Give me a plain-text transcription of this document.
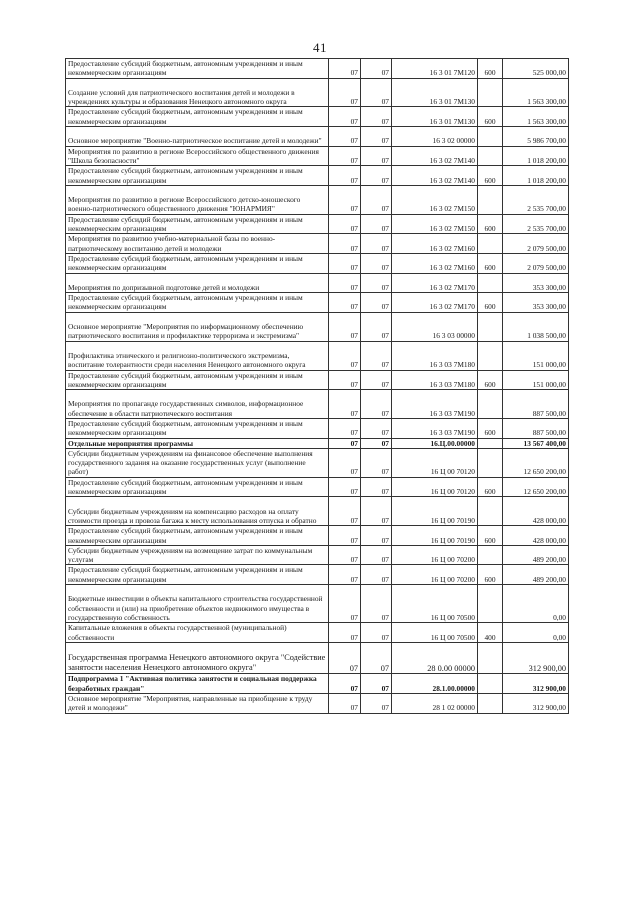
41
Предоставление субсидий бюджетным, автономным учреждениям и иным некоммерческим организациям	07	07	16 3 01 7М120	600	525 000,00
Создание условий для патриотического воспитания детей и молодежи в учреждениях культуры и образования Ненецкого автономного округа	07	07	16 3 01 7М130		1 563 300,00
Предоставление субсидий бюджетным, автономным учреждениям и иным некоммерческим организациям	07	07	16 3 01 7М130	600	1 563 300,00
Основное мероприятие "Военно-патриотическое воспитание детей и молодежи"	07	07	16 3 02 00000		5 986 700,00
Мероприятия по развитию в регионе Всероссийского общественного движения "Школа безопасности"	07	07	16 3 02 7М140		1 018 200,00
Предоставление субсидий бюджетным, автономным учреждениям и иным некоммерческим организациям	07	07	16 3 02 7М140	600	1 018 200,00
Мероприятия по развитию в регионе Всероссийского детско-юношеского военно-патриотического общественного движения "ЮНАРМИЯ"	07	07	16 3 02 7М150		2 535 700,00
Предоставление субсидий бюджетным, автономным учреждениям и иным некоммерческим организациям	07	07	16 3 02 7М150	600	2 535 700,00
Мероприятия по развитию учебно-материальной базы по военно-патриотическому воспитанию детей и молодежи	07	07	16 3 02 7М160		2 079 500,00
Предоставление субсидий бюджетным, автономным учреждениям и иным некоммерческим организациям	07	07	16 3 02 7М160	600	2 079 500,00
Мероприятия по допризывной подготовке детей и молодежи	07	07	16 3 02 7М170		353 300,00
Предоставление субсидий бюджетным, автономным учреждениям и иным некоммерческим организациям	07	07	16 3 02 7М170	600	353 300,00
Основное мероприятие "Мероприятия по информационному обеспечению патриотического воспитания и профилактике терроризма и экстремизма"	07	07	16 3 03 00000		1 038 500,00
Профилактика этнического и религиозно-политического экстремизма, воспитание толерантности среди населения Ненецкого автономного округа	07	07	16 3 03 7М180		151 000,00
Предоставление субсидий бюджетным, автономным учреждениям и иным некоммерческим организациям	07	07	16 3 03 7М180	600	151 000,00
Мероприятия по пропаганде государственных символов, информационное обеспечение в области патриотического воспитания	07	07	16 3 03 7М190		887 500,00
Предоставление субсидий бюджетным, автономным учреждениям и иным некоммерческим организациям	07	07	16 3 03 7М190	600	887 500,00
Отдельные мероприятия программы	07	07	16.Ц.00.00000		13 567 400,00
Субсидии бюджетным учреждениям на финансовое обеспечение выполнения государственного задания на оказание государственных услуг (выполнение работ)	07	07	16 Ц 00 70120		12 650 200,00
Предоставление субсидий бюджетным, автономным учреждениям и иным некоммерческим организациям	07	07	16 Ц 00 70120	600	12 650 200,00
Субсидии бюджетным учреждениям на компенсацию расходов на оплату стоимости проезда и провоза багажа к месту использования отпуска и обратно	07	07	16 Ц 00 70190		428 000,00
Предоставление субсидий бюджетным, автономным учреждениям и иным некоммерческим организациям	07	07	16 Ц 00 70190	600	428 000,00
Субсидии бюджетным учреждениям на возмещение затрат по коммунальным услугам	07	07	16 Ц 00 70200		489 200,00
Предоставление субсидий бюджетным, автономным учреждениям и иным некоммерческим организациям	07	07	16 Ц 00 70200	600	489 200,00
Бюджетные инвестиции в объекты капитального строительства государственной собственности и (или) на приобретение объектов недвижимого имущества в государственную собственность	07	07	16 Ц 00 70500		0,00
Капитальные вложения в объекты государственной (муниципальной) собственности	07	07	16 Ц 00 70500	400	0,00
Государственная программа Ненецкого автономного округа "Содействие занятости населения Ненецкого автономного округа"	07	07	28 0.00 00000		312 900,00
Подпрограмма 1 "Активная политика занятости и социальная поддержка безработных граждан"	07	07	28.1.00.00000		312 900,00
Основное мероприятие "Мероприятия, направленные на приобщение к труду детей и молодежи"	07	07	28 1 02 00000		312 900,00
